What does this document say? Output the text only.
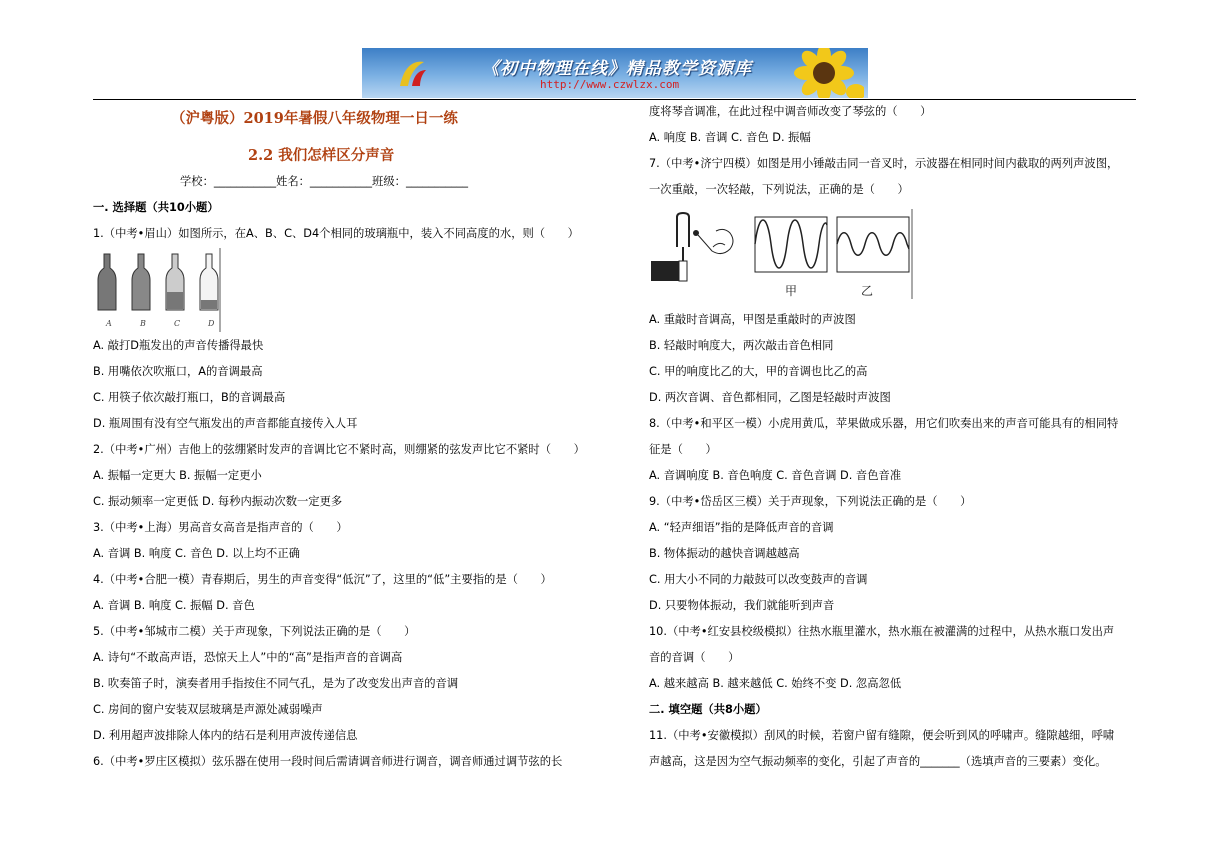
《初中物理在线》精品教学资源库
http://www.czwlzx.com
（沪粤版）2019年暑假八年级物理一日一练
2.2 我们怎样区分声音
学校：___________姓名：___________班级：___________
一. 选择题（共10小题）
1.（中考•眉山）如图所示，在A、B、C、D4个相同的玻璃瓶中，装入不同高度的水，则（　　）
A	B	C	D
A. 敲打D瓶发出的声音传播得最快
B. 用嘴依次吹瓶口，A的音调最高
C. 用筷子依次敲打瓶口，B的音调最高
D. 瓶周围有没有空气瓶发出的声音都能直接传入人耳
2.（中考•广州）吉他上的弦绷紧时发声的音调比它不紧时高，则绷紧的弦发声比它不紧时（　　）
A. 振幅一定更大 B. 振幅一定更小
C. 振动频率一定更低 D. 每秒内振动次数一定更多
3.（中考•上海）男高音女高音是指声音的（　　）
A. 音调 B. 响度 C. 音色 D. 以上均不正确
4.（中考•合肥一模）青春期后，男生的声音变得“低沉”了，这里的“低”主要指的是（　　）
A. 音调 B. 响度 C. 振幅 D. 音色
5.（中考•邹城市二模）关于声现象，下列说法正确的是（　　）
A. 诗句“不敢高声语，恐惊天上人”中的“高”是指声音的音调高
B. 吹奏笛子时，演奏者用手指按住不同气孔，是为了改变发出声音的音调
C. 房间的窗户安装双层玻璃是声源处减弱噪声
D. 利用超声波排除人体内的结石是利用声波传递信息
6.（中考•罗庄区模拟）弦乐器在使用一段时间后需请调音师进行调音，调音师通过调节弦的长
度将琴音调准，在此过程中调音师改变了琴弦的（　　）
A. 响度 B. 音调 C. 音色 D. 振幅
7.（中考•济宁四模）如图是用小锤敲击同一音叉时，示波器在相同时间内截取的两列声波图，
一次重敲，一次轻敲，下列说法，正确的是（　　）
甲	乙
A. 重敲时音调高，甲图是重敲时的声波图
B. 轻敲时响度大，两次敲击音色相同
C. 甲的响度比乙的大，甲的音调也比乙的高
D. 两次音调、音色都相同，乙图是轻敲时声波图
8.（中考•和平区一模）小虎用黄瓜，苹果做成乐器，用它们吹奏出来的声音可能具有的相同特
征是（　　）
A. 音调响度 B. 音色响度 C. 音色音调 D. 音色音准
9.（中考•岱岳区三模）关于声现象，下列说法正确的是（　　）
A. “轻声细语”指的是降低声音的音调
B. 物体振动的越快音调越越高
C. 用大小不同的力敲鼓可以改变鼓声的音调
D. 只要物体振动，我们就能听到声音
10.（中考•红安县校级模拟）往热水瓶里灌水，热水瓶在被灌满的过程中，从热水瓶口发出声
音的音调（　　）
A. 越来越高 B. 越来越低 C. 始终不变 D. 忽高忽低
二. 填空题（共8小题）
11.（中考•安徽模拟）刮风的时候，若窗户留有缝隙，便会听到风的呼啸声。缝隙越细，呼啸
声越高，这是因为空气振动频率的变化，引起了声音的_______（选填声音的三要素）变化。
